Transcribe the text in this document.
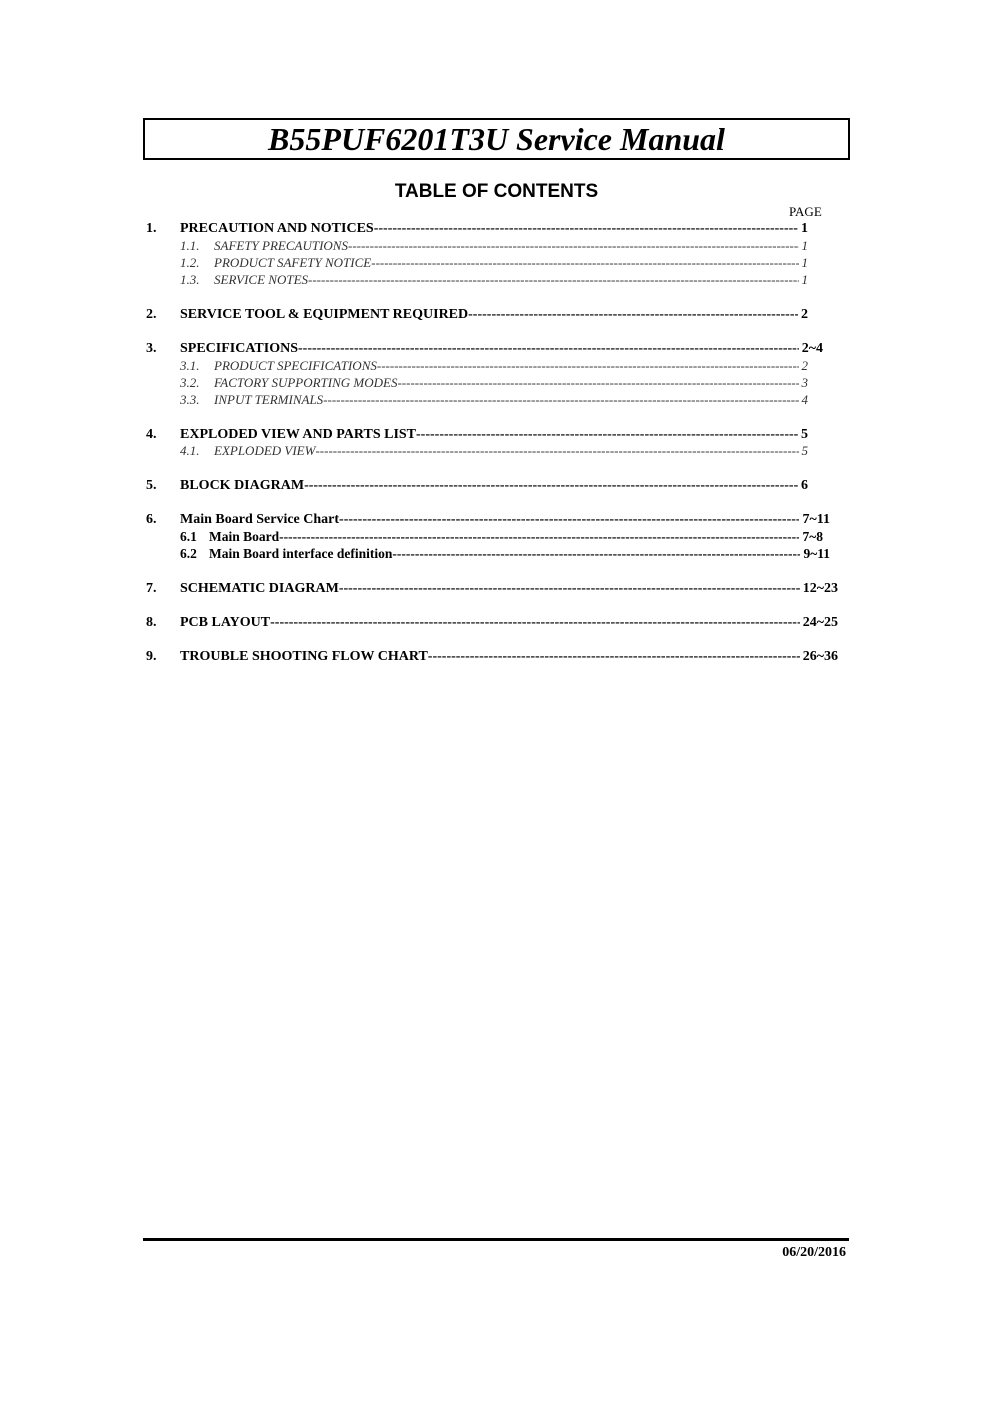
B55PUF6201T3U Service Manual
TABLE OF CONTENTS
PAGE
1. PRECAUTION AND NOTICES -----	1
1.1.	SAFETY PRECAUTIONS -----	1
1.2.	PRODUCT SAFETY NOTICE -----	1
1.3.	SERVICE NOTES -----	1
2. SERVICE TOOL & EQUIPMENT REQUIRED -----	2
3. SPECIFICATIONS -----	2~4
3.1.	PRODUCT SPECIFICATIONS -----	2
3.2.	FACTORY SUPPORTING MODES -----	3
3.3.	INPUT TERMINALS -----	4
4. EXPLODED VIEW AND PARTS LIST -----	5
4.1.	EXPLODED VIEW -----	5
5. BLOCK DIAGRAM -----	6
6. Main Board Service Chart -----	7~11
6.1 Main Board -----	7~8
6.2 Main Board interface definition -----	9~11
7. SCHEMATIC DIAGRAM -----	12~23
8. PCB LAYOUT -----	24~25
9. TROUBLE SHOOTING FLOW CHART -----	26~36
06/20/2016
